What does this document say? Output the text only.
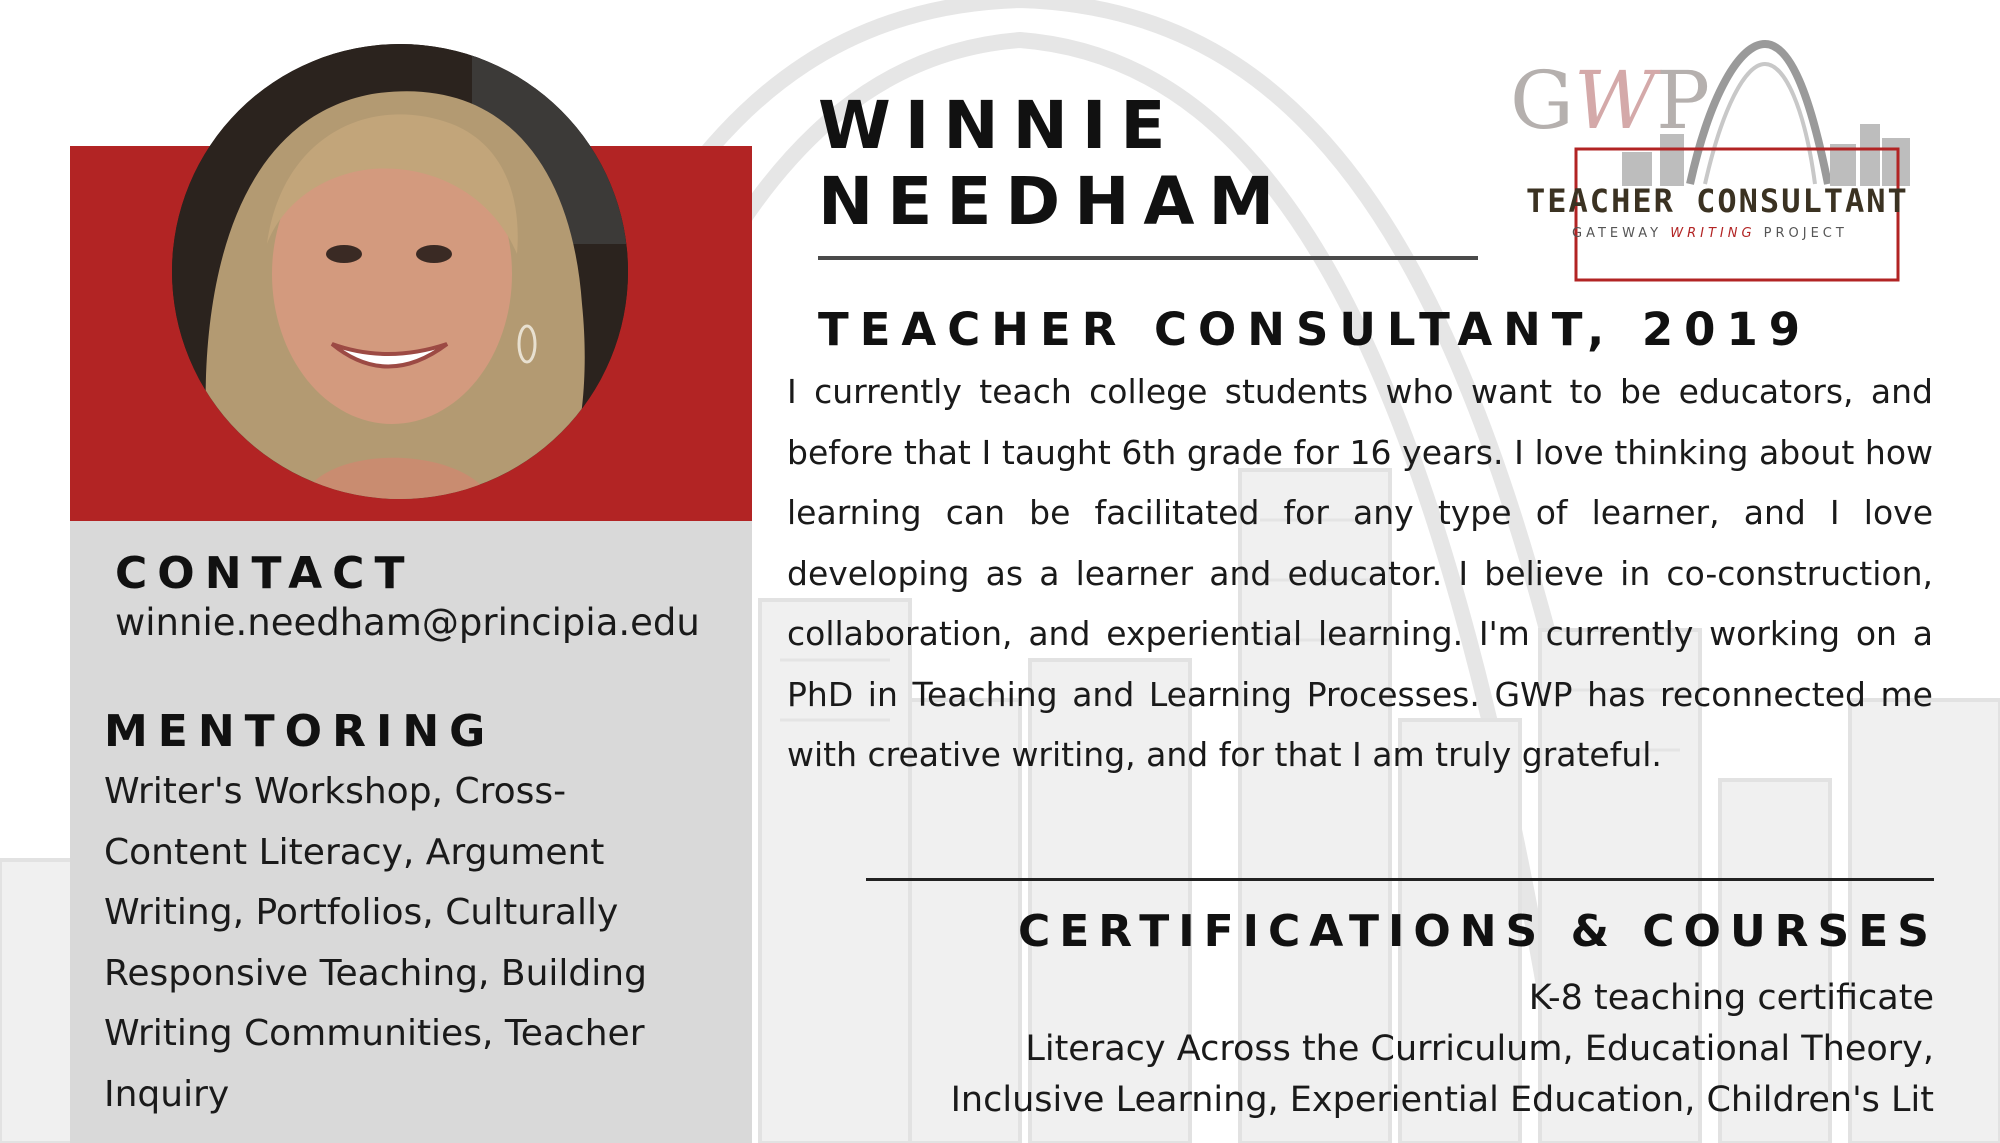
CONTACT
winnie.needham@principia.edu
MENTORING
Writer's Workshop, Cross-Content Literacy, Argument Writing, Portfolios, Culturally Responsive Teaching, Building Writing Communities, Teacher Inquiry
WINNIE
NEEDHAM
TEACHER CONSULTANT, 2019
I currently teach college students who want to be educators, and before that I taught 6th grade for 16 years. I love thinking about how learning can be facilitated for any type of learner, and I love developing as a learner and educator. I believe in co-construction, collaboration, and experiential learning. I'm currently working on a PhD in Teaching and Learning Processes. GWP has reconnected me with creative writing, and for that I am truly grateful.
CERTIFICATIONS & COURSES
K-8 teaching certificate
Literacy Across the Curriculum, Educational Theory,
Inclusive Learning, Experiential Education, Children's Lit
GWP
TEACHER CONSULTANT
GATEWAY WRITING PROJECT
